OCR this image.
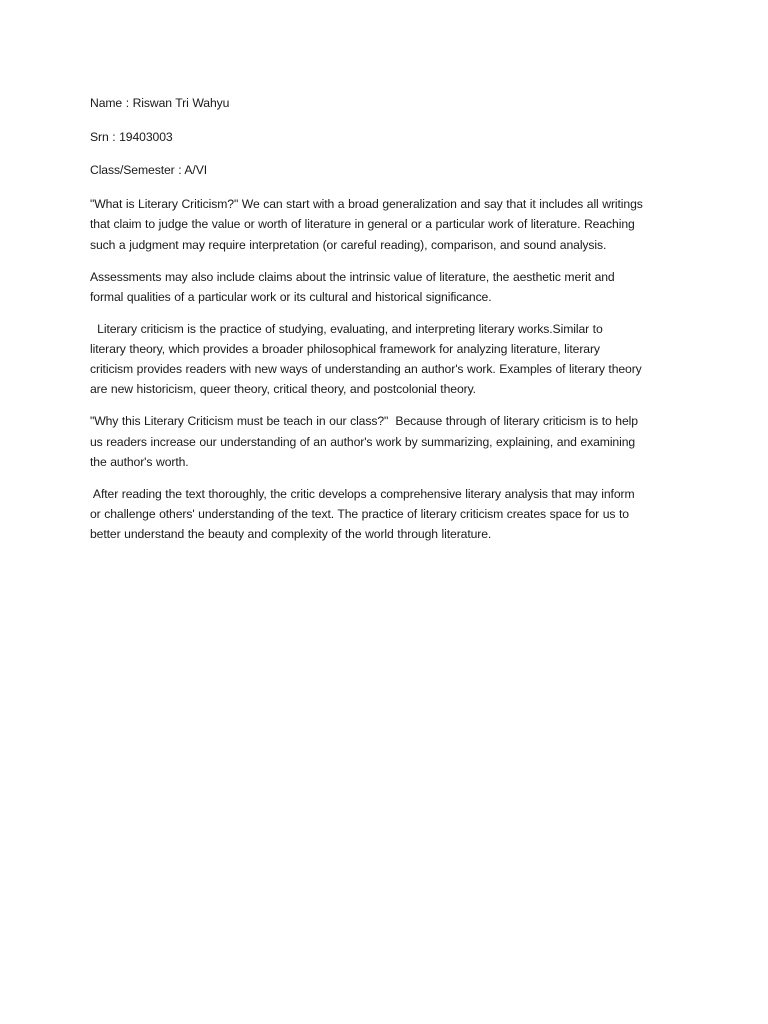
Name : Riswan Tri Wahyu
Srn : 19403003
Class/Semester : A/VI
"What is Literary Criticism?" We can start with a broad generalization and say that it includes all writings
that claim to judge the value or worth of literature in general or a particular work of literature. Reaching
such a judgment may require interpretation (or careful reading), comparison, and sound analysis.
Assessments may also include claims about the intrinsic value of literature, the aesthetic merit and
formal qualities of a particular work or its cultural and historical significance.
Literary criticism is the practice of studying, evaluating, and interpreting literary works.Similar to
literary theory, which provides a broader philosophical framework for analyzing literature, literary
criticism provides readers with new ways of understanding an author's work. Examples of literary theory
are new historicism, queer theory, critical theory, and postcolonial theory.
"Why this Literary Criticism must be teach in our class?"  Because through of literary criticism is to help
us readers increase our understanding of an author's work by summarizing, explaining, and examining
the author's worth.
After reading the text thoroughly, the critic develops a comprehensive literary analysis that may inform
or challenge others' understanding of the text. The practice of literary criticism creates space for us to
better understand the beauty and complexity of the world through literature.
